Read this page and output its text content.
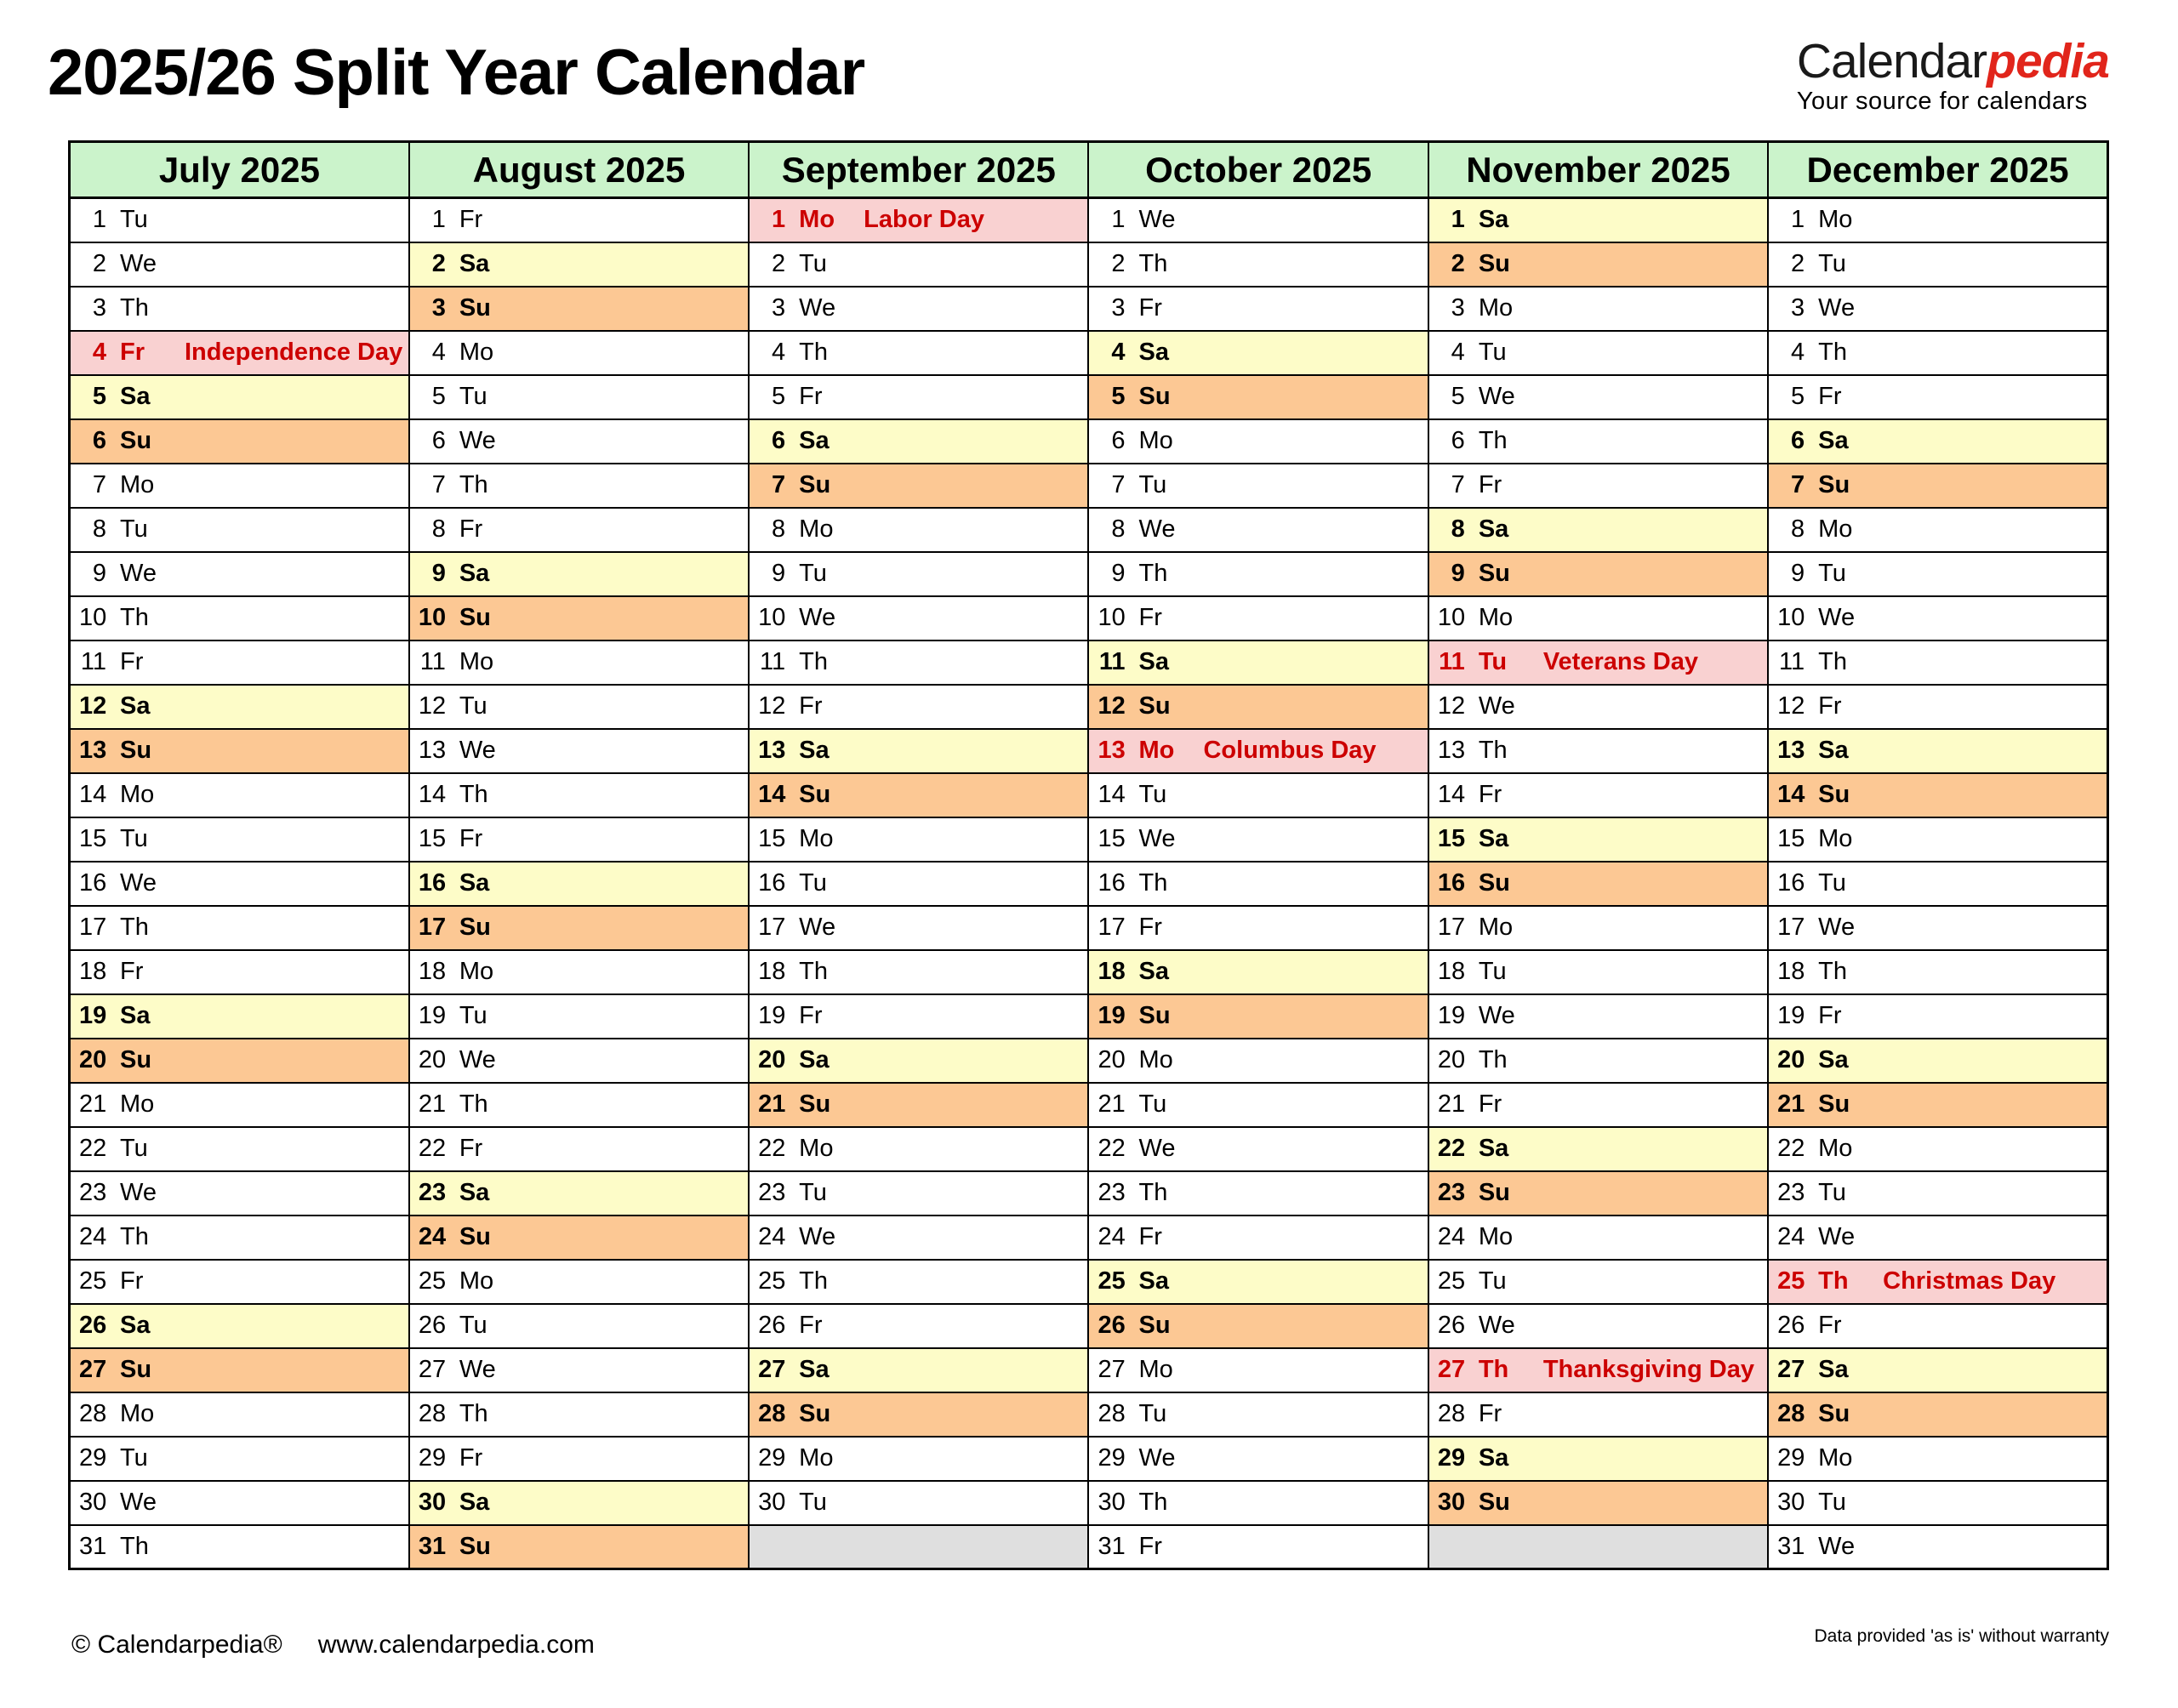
2025/26 Split Year Calendar	Calendarpedia
Your source for calendars
July 2025	August 2025	September 2025	October 2025	November 2025	December 2025
1 Tu	1 Fr	1 Mo Labor Day	1 We	1 Sa	1 Mo
2 We	2 Sa	2 Tu	2 Th	2 Su	2 Tu
3 Th	3 Su	3 We	3 Fr	3 Mo	3 We
4 Fr Independence Day	4 Mo	4 Th	4 Sa	4 Tu	4 Th
5 Sa	5 Tu	5 Fr	5 Su	5 We	5 Fr
6 Su	6 We	6 Sa	6 Mo	6 Th	6 Sa
7 Mo	7 Th	7 Su	7 Tu	7 Fr	7 Su
8 Tu	8 Fr	8 Mo	8 We	8 Sa	8 Mo
9 We	9 Sa	9 Tu	9 Th	9 Su	9 Tu
10 Th	10 Su	10 We	10 Fr	10 Mo	10 We
11 Fr	11 Mo	11 Th	11 Sa	11 Tu Veterans Day	11 Th
12 Sa	12 Tu	12 Fr	12 Su	12 We	12 Fr
13 Su	13 We	13 Sa	13 Mo Columbus Day	13 Th	13 Sa
14 Mo	14 Th	14 Su	14 Tu	14 Fr	14 Su
15 Tu	15 Fr	15 Mo	15 We	15 Sa	15 Mo
16 We	16 Sa	16 Tu	16 Th	16 Su	16 Tu
17 Th	17 Su	17 We	17 Fr	17 Mo	17 We
18 Fr	18 Mo	18 Th	18 Sa	18 Tu	18 Th
19 Sa	19 Tu	19 Fr	19 Su	19 We	19 Fr
20 Su	20 We	20 Sa	20 Mo	20 Th	20 Sa
21 Mo	21 Th	21 Su	21 Tu	21 Fr	21 Su
22 Tu	22 Fr	22 Mo	22 We	22 Sa	22 Mo
23 We	23 Sa	23 Tu	23 Th	23 Su	23 Tu
24 Th	24 Su	24 We	24 Fr	24 Mo	24 We
25 Fr	25 Mo	25 Th	25 Sa	25 Tu	25 Th Christmas Day
26 Sa	26 Tu	26 Fr	26 Su	26 We	26 Fr
27 Su	27 We	27 Sa	27 Mo	27 Th Thanksgiving Day	27 Sa
28 Mo	28 Th	28 Su	28 Tu	28 Fr	28 Su
29 Tu	29 Fr	29 Mo	29 We	29 Sa	29 Mo
30 We	30 Sa	30 Tu	30 Th	30 Su	30 Tu
31 Th	31 Su		31 Fr		31 We
© Calendarpedia® www.calendarpedia.com	Data provided 'as is' without warranty
